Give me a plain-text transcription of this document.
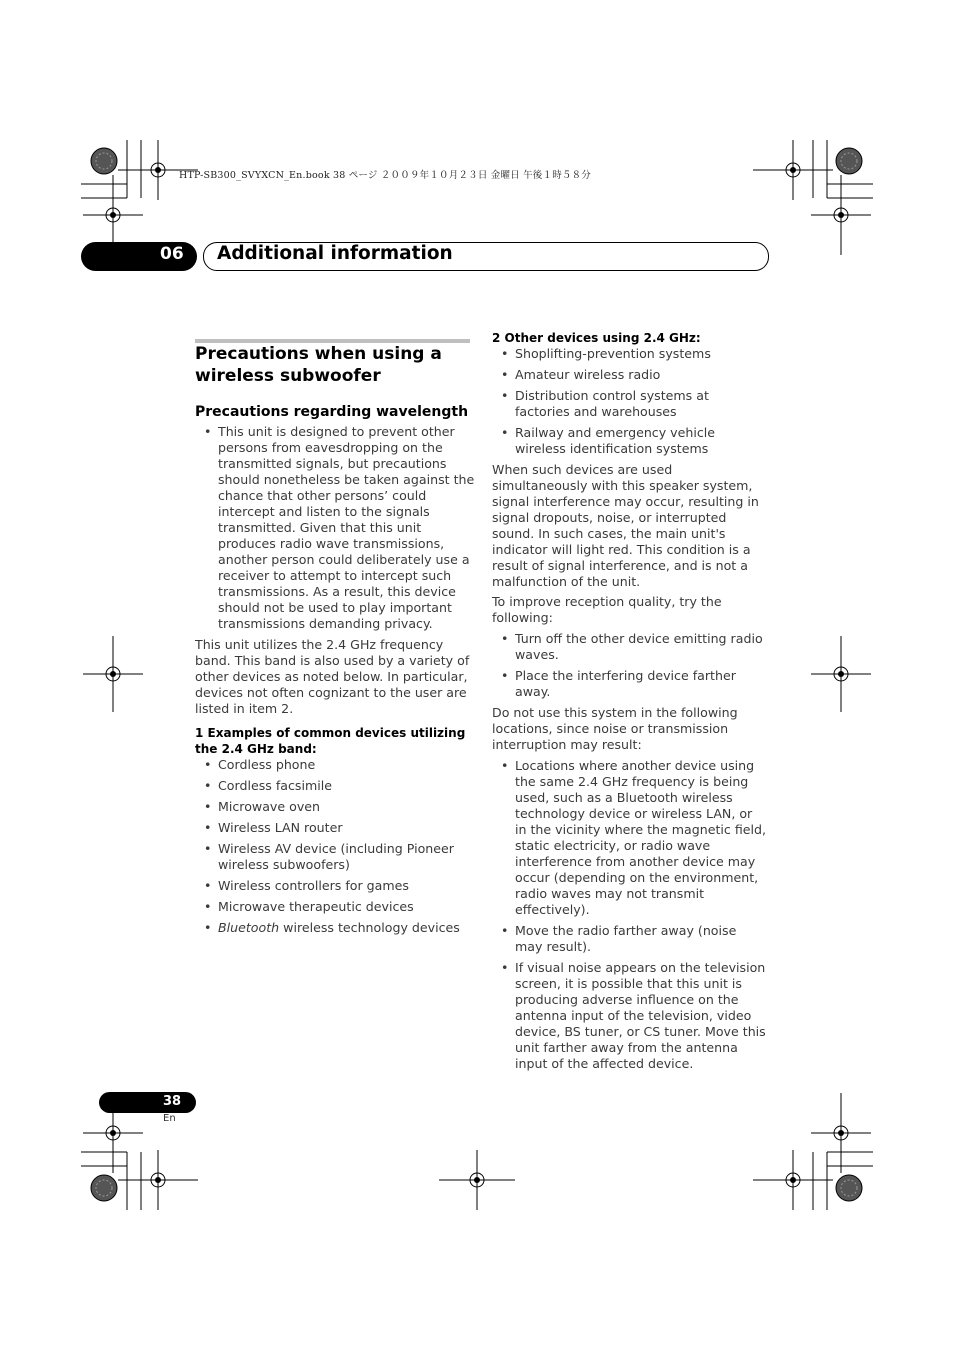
HTP-SB300_SVYXCN_En.book 38 ページ ２００９年１０月２３日 金曜日 午後１時５８分
06 Additional information
Precautions when using a wireless subwoofer
Precautions regarding wavelength
• This unit is designed to prevent other persons from eavesdropping on the transmitted signals, but precautions should nonetheless be taken against the chance that other persons’ could intercept and listen to the signals transmitted. Given that this unit produces radio wave transmissions, another person could deliberately use a receiver to attempt to intercept such transmissions. As a result, this device should not be used to play important transmissions demanding privacy.

This unit utilizes the 2.4 GHz frequency band. This band is also used by a variety of other devices as noted below. In particular, devices not often cognizant to the user are listed in item 2.

1 Examples of common devices utilizing the 2.4 GHz band:

• Cordless phone
• Cordless facsimile
• Microwave oven
• Wireless LAN router
• Wireless AV device (including Pioneer wireless subwoofers)
• Wireless controllers for games
• Microwave therapeutic devices
• Bluetooth wireless technology devices

2 Other devices using 2.4 GHz:

• Shoplifting-prevention systems
• Amateur wireless radio
• Distribution control systems at factories and warehouses
• Railway and emergency vehicle wireless identification systems

When such devices are used simultaneously with this speaker system, signal interference may occur, resulting in signal dropouts, noise, or interrupted sound. In such cases, the main unit's indicator will light red. This condition is a result of signal interference, and is not a malfunction of the unit.

To improve reception quality, try the following:

• Turn off the other device emitting radio waves.
• Place the interfering device farther away.

Do not use this system in the following locations, since noise or transmission interruption may result:

• Locations where another device using the same 2.4 GHz frequency is being used, such as a Bluetooth wireless technology device or wireless LAN, or in the vicinity where the magnetic field, static electricity, or radio wave interference from another device may occur (depending on the environment, radio waves may not transmit effectively).
• Move the radio farther away (noise may result).
• If visual noise appears on the television screen, it is possible that this unit is producing adverse influence on the antenna input of the television, video device, BS tuner, or CS tuner. Move this unit farther away from the antenna input of the affected device.
38
En
